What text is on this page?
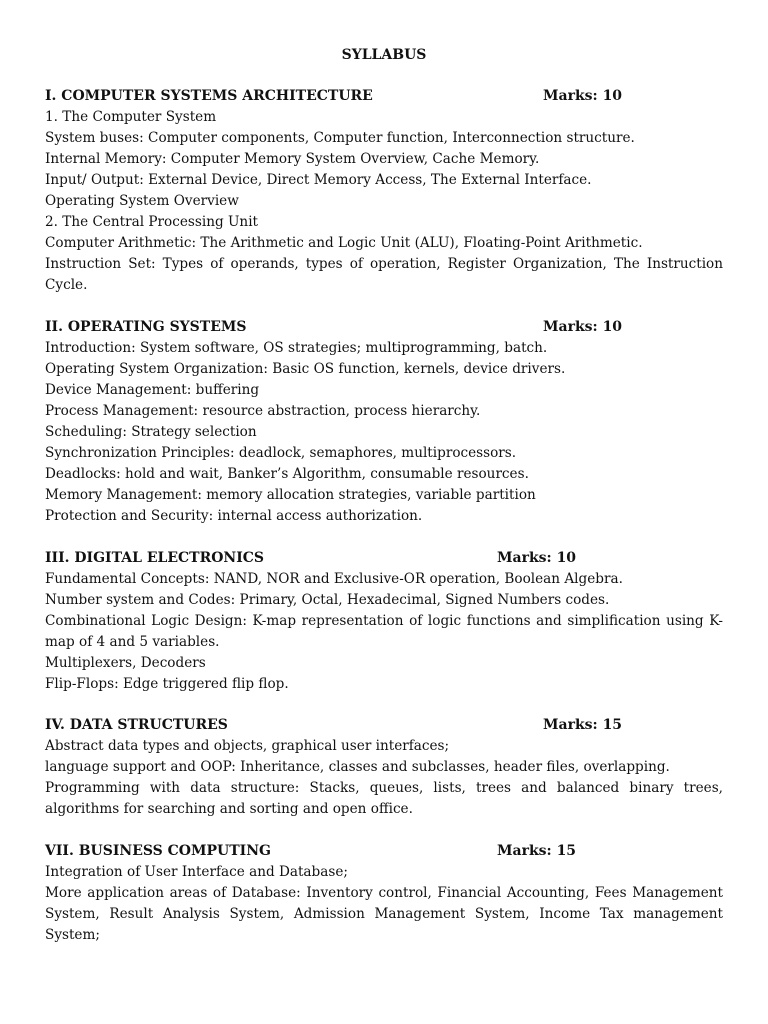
SYLLABUS
I. COMPUTER SYSTEMS ARCHITECTURE	Marks: 10
1. The Computer System
System buses: Computer components, Computer function, Interconnection structure.
Internal Memory: Computer Memory System Overview, Cache Memory.
Input/ Output: External Device, Direct Memory Access, The External Interface.
Operating System Overview
2. The Central Processing Unit
Computer Arithmetic: The Arithmetic and Logic Unit (ALU), Floating-Point Arithmetic.
Instruction Set: Types of operands, types of operation, Register Organization, The Instruction Cycle.
II. OPERATING SYSTEMS	Marks: 10
Introduction: System software, OS strategies; multiprogramming, batch.
Operating System Organization: Basic OS function, kernels, device drivers.
Device Management: buffering
Process Management: resource abstraction, process hierarchy.
Scheduling: Strategy selection
Synchronization Principles: deadlock, semaphores, multiprocessors.
Deadlocks: hold and wait, Banker’s Algorithm, consumable resources.
Memory Management: memory allocation strategies, variable partition
Protection and Security: internal access authorization.
III. DIGITAL ELECTRONICS	Marks: 10
Fundamental Concepts: NAND, NOR and Exclusive-OR operation, Boolean Algebra.
Number system and Codes: Primary, Octal, Hexadecimal, Signed Numbers codes.
Combinational Logic Design: K-map representation of logic functions and simplification using K-map of 4 and 5 variables.
Multiplexers, Decoders
Flip-Flops: Edge triggered flip flop.
IV. DATA STRUCTURES	Marks: 15
Abstract data types and objects, graphical user interfaces;
language support and OOP: Inheritance, classes and subclasses, header files, overlapping.
Programming with data structure: Stacks, queues, lists, trees and balanced binary trees, algorithms for searching and sorting and open office.
VII. BUSINESS COMPUTING	Marks: 15
Integration of User Interface and Database;
More application areas of Database: Inventory control, Financial Accounting, Fees Management System, Result Analysis System, Admission Management System, Income Tax management System;
